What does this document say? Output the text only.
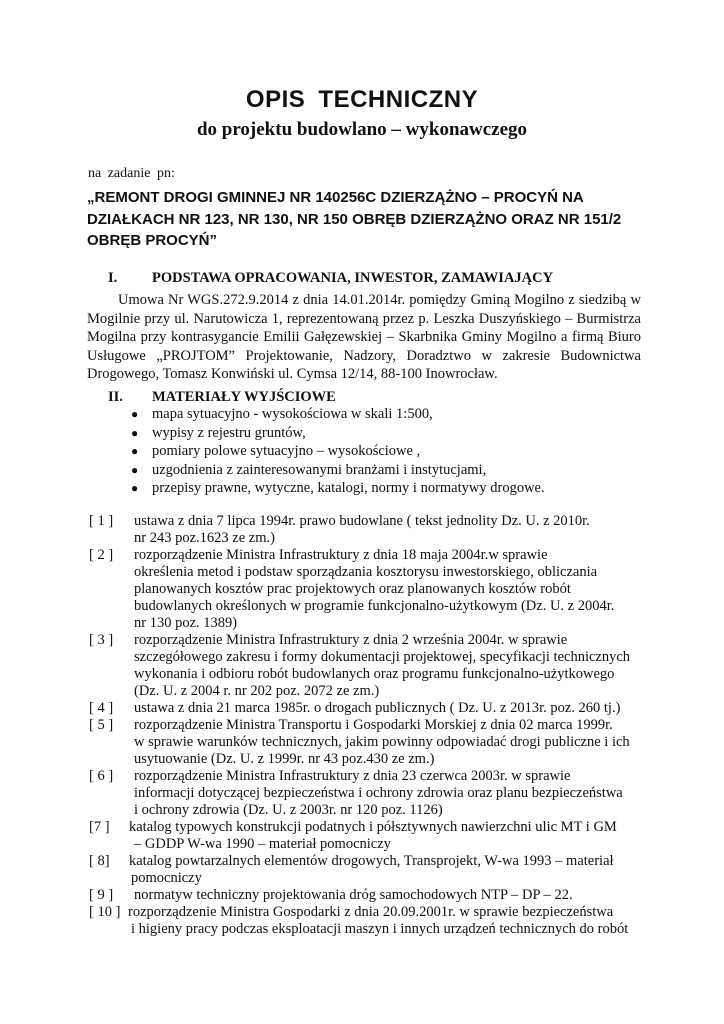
OPIS TECHNICZNY
do projektu budowlano – wykonawczego
na zadanie pn:
„REMONT DROGI GMINNEJ NR 140256C DZIERZĄŻNO – PROCYŃ NA DZIAŁKACH NR 123, NR 130, NR 150 OBRĘB DZIERZĄŻNO ORAZ NR 151/2 OBRĘB PROCYŃ”
I. PODSTAWA OPRACOWANIA, INWESTOR, ZAMAWIAJĄCY
Umowa Nr WGS.272.9.2014 z dnia 14.01.2014r. pomiędzy Gminą Mogilno z siedzibą w Mogilnie przy ul. Narutowicza 1, reprezentowaną przez p. Leszka Duszyńskiego – Burmistrza Mogilna przy kontrasygancie Emilii Gałęzewskiej – Skarbnika Gminy Mogilno a firmą Biuro Usługowe „PROJTOM” Projektowanie, Nadzory, Doradztwo w zakresie Budownictwa Drogowego, Tomasz Konwiński ul. Cymsa 12/14, 88-100 Inowrocław.
II. MATERIAŁY WYJŚCIOWE
● mapa sytuacyjno - wysokościowa w skali 1:500,
● wypisy z rejestru gruntów,
● pomiary polowe sytuacyjno – wysokościowe ,
● uzgodnienia z zainteresowanymi branżami i instytucjami,
● przepisy prawne, wytyczne, katalogi, normy i normatywy drogowe.
[ 1 ] ustawa z dnia 7 lipca 1994r. prawo budowlane ( tekst jednolity Dz. U. z 2010r.
nr 243 poz.1623 ze zm.)
[ 2 ] rozporządzenie Ministra Infrastruktury z dnia 18 maja 2004r.w sprawie
określenia metod i podstaw sporządzania kosztorysu inwestorskiego, obliczania
planowanych kosztów prac projektowych oraz planowanych kosztów robót
budowlanych określonych w programie funkcjonalno-użytkowym (Dz. U. z 2004r.
nr 130 poz. 1389)
[ 3 ] rozporządzenie Ministra Infrastruktury z dnia 2 września 2004r. w sprawie
szczegółowego zakresu i formy dokumentacji projektowej, specyfikacji technicznych
wykonania i odbioru robót budowlanych oraz programu funkcjonalno-użytkowego
(Dz. U. z 2004 r. nr 202 poz. 2072 ze zm.)
[ 4 ] ustawa z dnia 21 marca 1985r. o drogach publicznych ( Dz. U. z 2013r. poz. 260 tj.)
[ 5 ] rozporządzenie Ministra Transportu i Gospodarki Morskiej z dnia 02 marca 1999r.
w sprawie warunków technicznych, jakim powinny odpowiadać drogi publiczne i ich
usytuowanie (Dz. U. z 1999r. nr 43 poz.430 ze zm.)
[ 6 ] rozporządzenie Ministra Infrastruktury z dnia 23 czerwca 2003r. w sprawie
informacji dotyczącej bezpieczeństwa i ochrony zdrowia oraz planu bezpieczeństwa
i ochrony zdrowia (Dz. U. z 2003r. nr 120 poz. 1126)
[7 ] katalog typowych konstrukcji podatnych i półsztywnych nawierzchni ulic MT i GM
– GDDP W-wa 1990 – materiał pomocniczy
[ 8] katalog powtarzalnych elementów drogowych, Transprojekt, W-wa 1993 – materiał
pomocniczy
[ 9 ] normatyw techniczny projektowania dróg samochodowych NTP – DP – 22.
[ 10 ] rozporządzenie Ministra Gospodarki z dnia 20.09.2001r. w sprawie bezpieczeństwa
i higieny pracy podczas eksploatacji maszyn i innych urządzeń technicznych do robót
